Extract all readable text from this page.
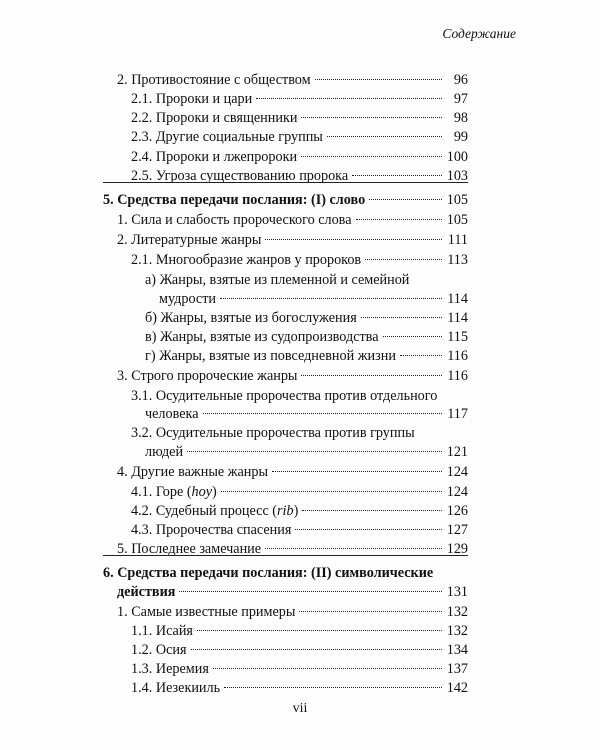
Содержание
2. Противостояние с обществом	96
2.1. Пророки и цари	97
2.2. Пророки и священники	98
2.3. Другие социальные группы	99
2.4. Пророки и лжепророки	100
2.5. Угроза существованию пророка	103
5. Средства передачи послания: (I) слово	105
1. Сила и слабость пророческого слова	105
2. Литературные жанры	111
2.1. Многообразие жанров у пророков	113
а) Жанры, взятые из племенной и семейной
мудрости	114
б) Жанры, взятые из богослужения	114
в) Жанры, взятые из судопроизводства	115
г) Жанры, взятые из повседневной жизни	116
3. Строго пророческие жанры	116
3.1. Осудительные пророчества против отдельного
человека	117
3.2. Осудительные пророчества против группы
людей	121
4. Другие важные жанры	124
4.1. Горе (hoy)	124
4.2. Судебный процесс (rib)	126
4.3. Пророчества спасения	127
5. Последнее замечание	129
6. Средства передачи послания: (II) символические
действия	131
1. Самые известные примеры	132
1.1. Исайя	132
1.2. Осия	134
1.3. Иеремия	137
1.4. Иезекииль	142
vii
